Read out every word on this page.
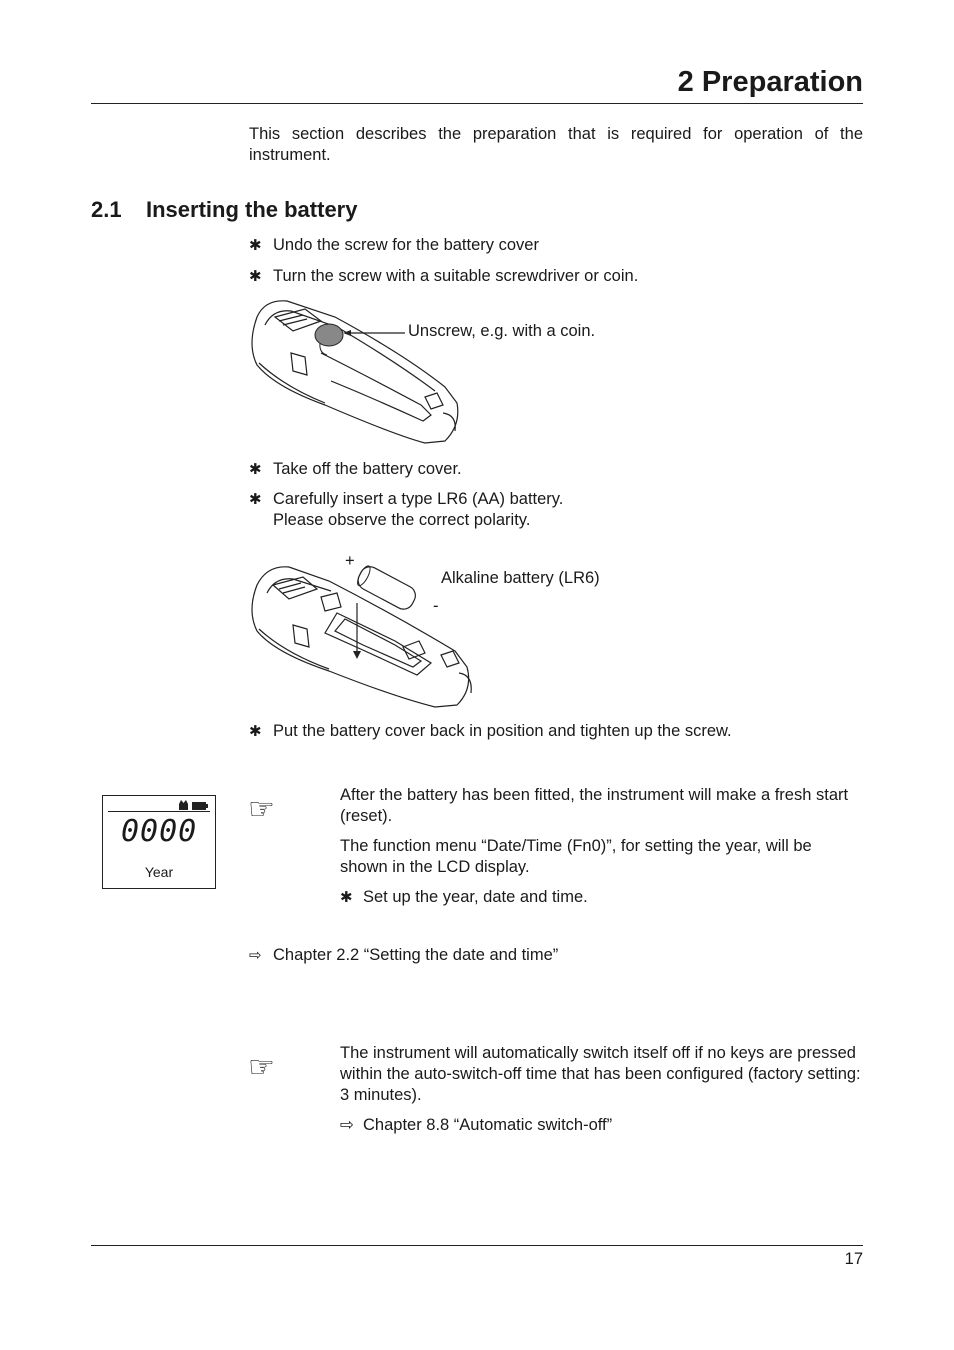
2 Preparation
This section describes the preparation that is required for operation of the instrument.
2.1 Inserting the battery
✱ Undo the screw for the battery cover
✱ Turn the screw with a suitable screwdriver or coin.
Unscrew, e.g. with a coin.
✱ Take off the battery cover.
✱ Carefully insert a type LR6 (AA) battery.
Please observe the correct polarity.
+
-
Alkaline battery (LR6)
✱ Put the battery cover back in position and tighten up the screw.
0000
Year
☞	After the battery has been fitted, the instrument will make a fresh start (reset).
The function menu “Date/Time (Fn0)”, for setting the year, will be shown in the LCD display.
✱ Set up the year, date and time.
⇨ Chapter 2.2 “Setting the date and time”
☞	The instrument will automatically switch itself off if no keys are pressed within the auto-switch-off time that has been configured (factory setting: 3 minutes).
⇨ Chapter 8.8 “Automatic switch-off”
17
